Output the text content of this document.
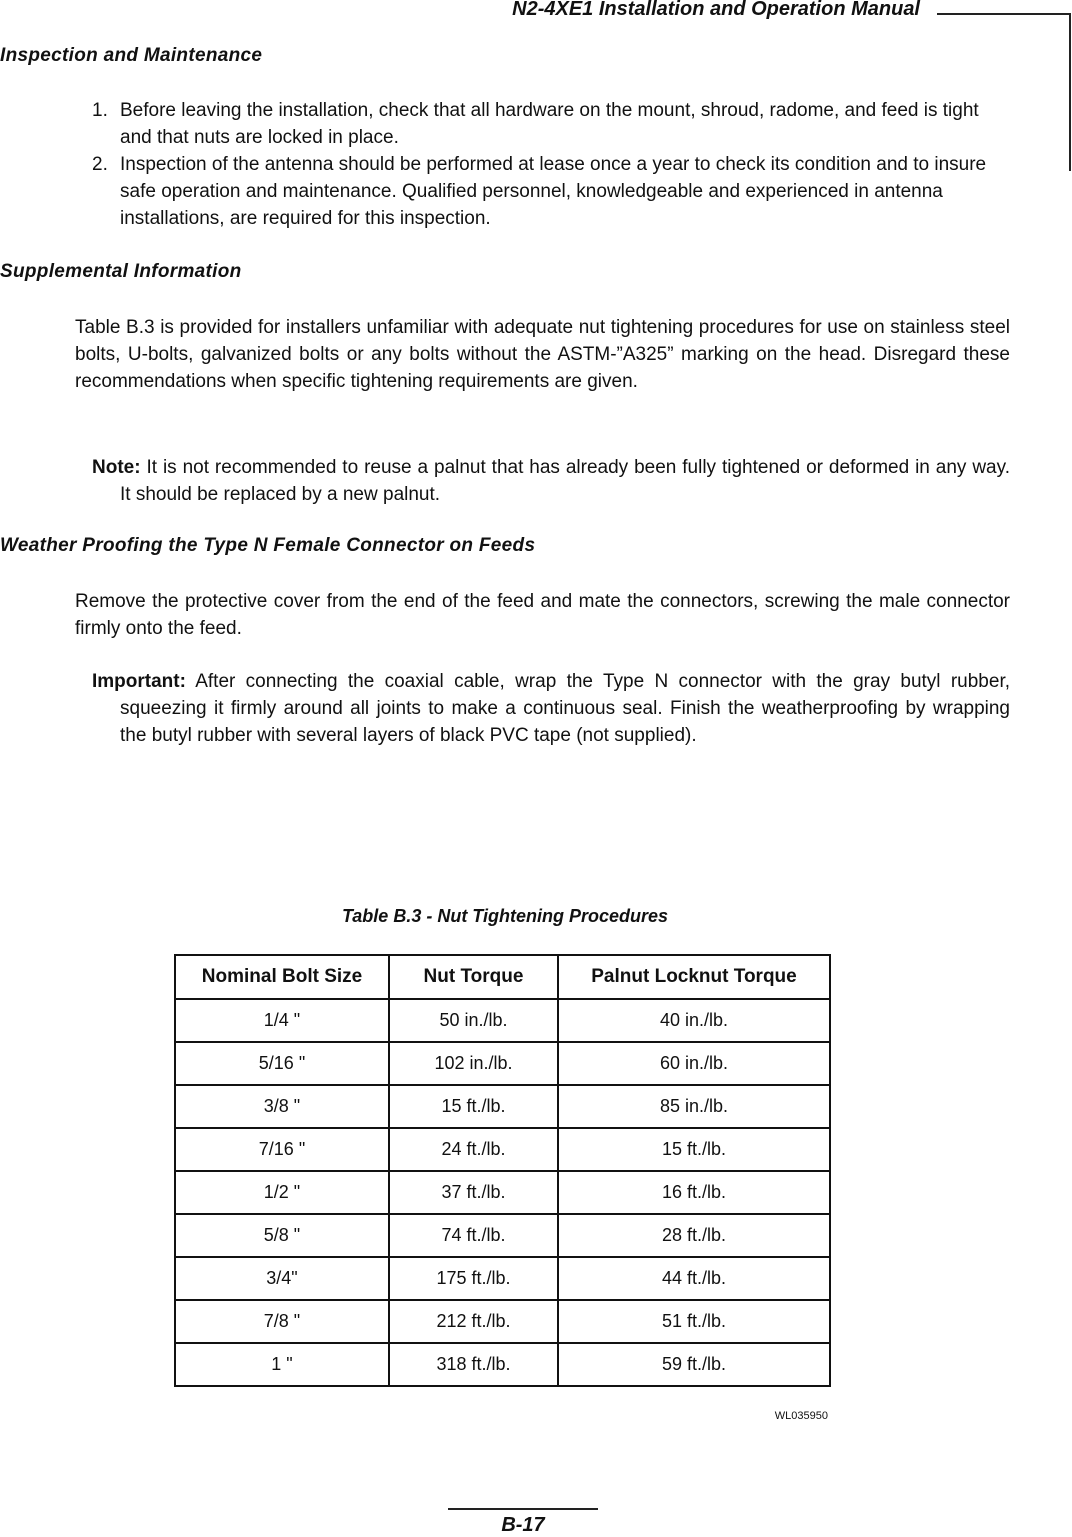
N2-4XE1 Installation and Operation Manual
Inspection and Maintenance
1. Before leaving the installation, check that all hardware on the mount, shroud, radome, and feed is tight and that nuts are locked in place.
2. Inspection of the antenna should be performed at lease once a year to check its condition and to insure safe operation and maintenance. Qualified personnel, knowledgeable and experienced in antenna installations, are required for this inspection.
Supplemental Information
Table B.3 is provided for installers unfamiliar with adequate nut tightening procedures for use on stainless steel bolts, U-bolts, galvanized bolts or any bolts without the ASTM-”A325” marking on the head. Disregard these recommendations when specific tightening requirements are given.
Note: It is not recommended to reuse a palnut that has already been fully tightened or deformed in any way. It should be replaced by a new palnut.
Weather Proofing the Type N Female Connector on Feeds
Remove the protective cover from the end of the feed and mate the connectors, screwing the male connector firmly onto the feed.
Important: After connecting the coaxial cable, wrap the Type N connector with the gray butyl rubber, squeezing it firmly around all joints to make a continuous seal. Finish the weatherproofing by wrapping the butyl rubber with several layers of black PVC tape (not supplied).
Table B.3 - Nut Tightening Procedures
Nominal Bolt Size	Nut Torque	Palnut Locknut Torque
1/4 "	50 in./lb.	40 in./lb.
5/16 "	102 in./lb.	60 in./lb.
3/8 "	15 ft./lb.	85 in./lb.
7/16 "	24 ft./lb.	15 ft./lb.
1/2 "	37 ft./lb.	16 ft./lb.
5/8 "	74 ft./lb.	28 ft./lb.
3/4"	175 ft./lb.	44 ft./lb.
7/8 "	212 ft./lb.	51 ft./lb.
1 "	318 ft./lb.	59 ft./lb.
WL035950
B-17
